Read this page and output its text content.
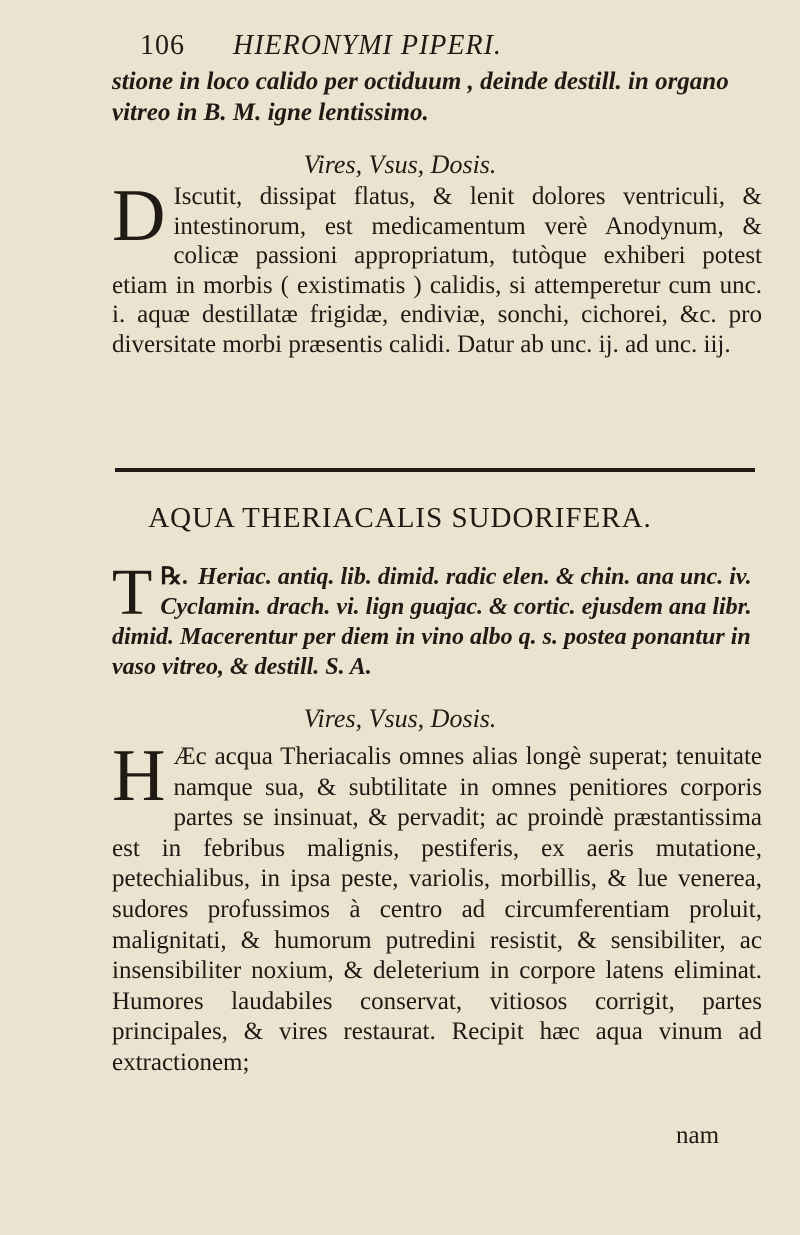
106 HIERONYMI PIPERI.
stione in loco calido per octiduum , deinde destill. in organo vitreo in B. M. igne lentissimo.
Vires, Vsus, Dosis.
D Iscutit, dissipat flatus, & lenit dolores ventriculi, & intestinorum, est medicamentum verè Anodynum, & colicæ passioni appropriatum, tutòque exhiberi potest etiam in morbis ( existimatis ) calidis, si attemperetur cum unc. i. aquæ destillatæ frigidæ, endiviæ, sonchi, cichorei, &c. pro diversitate morbi præsentis calidi. Datur ab unc. ij. ad unc. iij.
AQUA THERIACALIS SUDORIFERA.
℞.
T Heriac. antiq. lib. dimid. radic elen. & chin. ana unc. iv. Cyclamin. drach. vi. lign guajac. & cortic. ejusdem ana libr. dimid. Macerentur per diem in vino albo q. s. postea ponantur in vaso vitreo, & destill. S. A.
Vires, Vsus, Dosis.
H Æc acqua Theriacalis omnes alias longè superat; tenuitate namque sua, & subtilitate in omnes penitiores corporis partes se insinuat, & pervadit; ac proindè præstantissima est in febribus malignis, pestiferis, ex aeris mutatione, petechialibus, in ipsa peste, variolis, morbillis, & lue venerea, sudores profussimos à centro ad circumferentiam proluit, malignitati, & humorum putredini resistit, & sensibiliter, ac insensibiliter noxium, & deleterium in corpore latens eliminat. Humores laudabiles conservat, vitiosos corrigit, partes principales, & vires restaurat. Recipit hæc aqua vinum ad extractionem;
nam
